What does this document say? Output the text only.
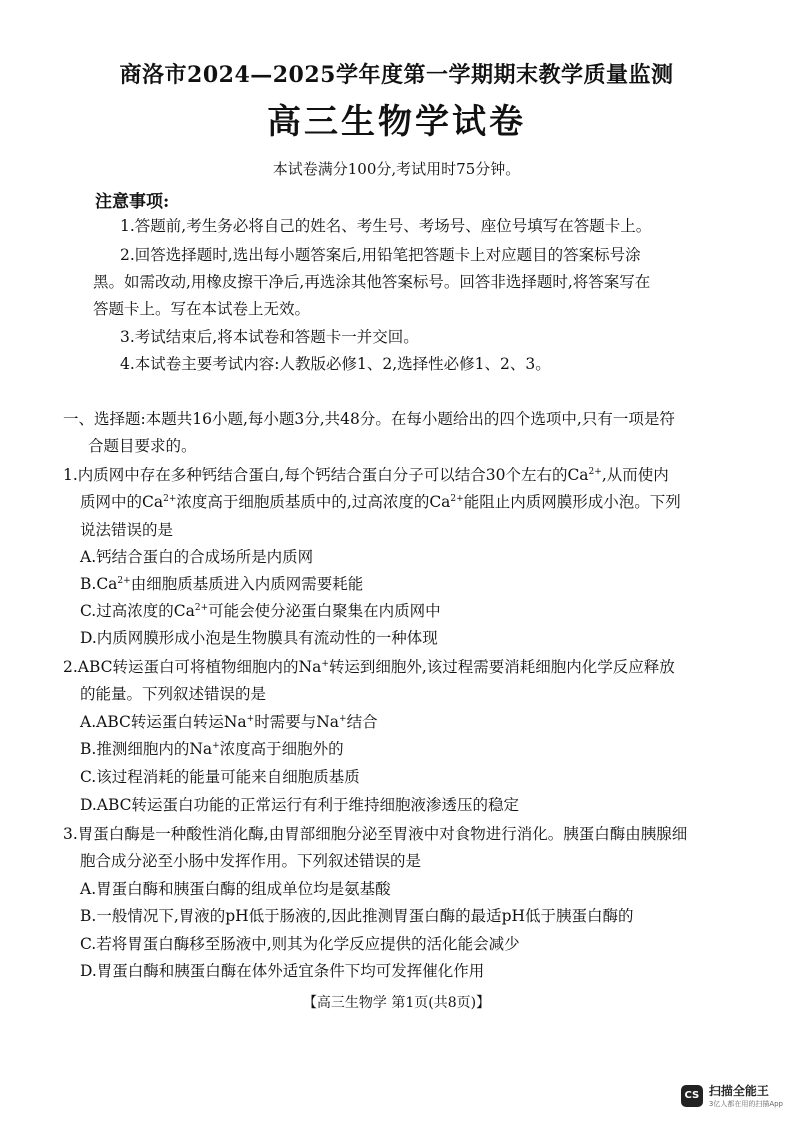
商洛市2024—2025学年度第一学期期末教学质量监测
高三生物学试卷
本试卷满分100分,考试用时75分钟。
注意事项:
1.答题前,考生务必将自己的姓名、考生号、考场号、座位号填写在答题卡上。
2.回答选择题时,选出每小题答案后,用铅笔把答题卡上对应题目的答案标号涂
黑。如需改动,用橡皮擦干净后,再选涂其他答案标号。回答非选择题时,将答案写在
答题卡上。写在本试卷上无效。
3.考试结束后,将本试卷和答题卡一并交回。
4.本试卷主要考试内容:人教版必修1、2,选择性必修1、2、3。
一、选择题:本题共16小题,每小题3分,共48分。在每小题给出的四个选项中,只有一项是符
合题目要求的。
1.内质网中存在多种钙结合蛋白,每个钙结合蛋白分子可以结合30个左右的$Ca^{2+}$,从而使内
质网中的$Ca^{2+}$浓度高于细胞质基质中的,过高浓度的$Ca^{2+}$能阻止内质网膜形成小泡。下列
说法错误的是
A.钙结合蛋白的合成场所是内质网
$B.Ca^{2+}$由细胞质基质进入内质网需要耗能
C.过高浓度的$Ca^{2+}$可能会使分泌蛋白聚集在内质网中
D.内质网膜形成小泡是生物膜具有流动性的一种体现
2.ABC转运蛋白可将植物细胞内的Na+转运到细胞外,该过程需要消耗细胞内化学反应释放
的能量。下列叙述错误的是
A.ABC转运蛋白转运Na+时需要与Na+结合
B.推测细胞内的Na+浓度高于细胞外的
C.该过程消耗的能量可能来自细胞质基质
D.ABC转运蛋白功能的正常运行有利于维持细胞液渗透压的稳定
3.胃蛋白酶是一种酸性消化酶,由胃部细胞分泌至胃液中对食物进行消化。胰蛋白酶由胰腺细
胞合成分泌至小肠中发挥作用。下列叙述错误的是
A.胃蛋白酶和胰蛋白酶的组成单位均是氨基酸
B.一般情况下,胃液的pH低于肠液的,因此推测胃蛋白酶的最适pH低于胰蛋白酶的
C.若将胃蛋白酶移至肠液中,则其为化学反应提供的活化能会减少
D.胃蛋白酶和胰蛋白酶在体外适宜条件下均可发挥催化作用
【高三生物学 第1页(共8页)】
CS 扫描全能王
3亿人都在用的扫描App
